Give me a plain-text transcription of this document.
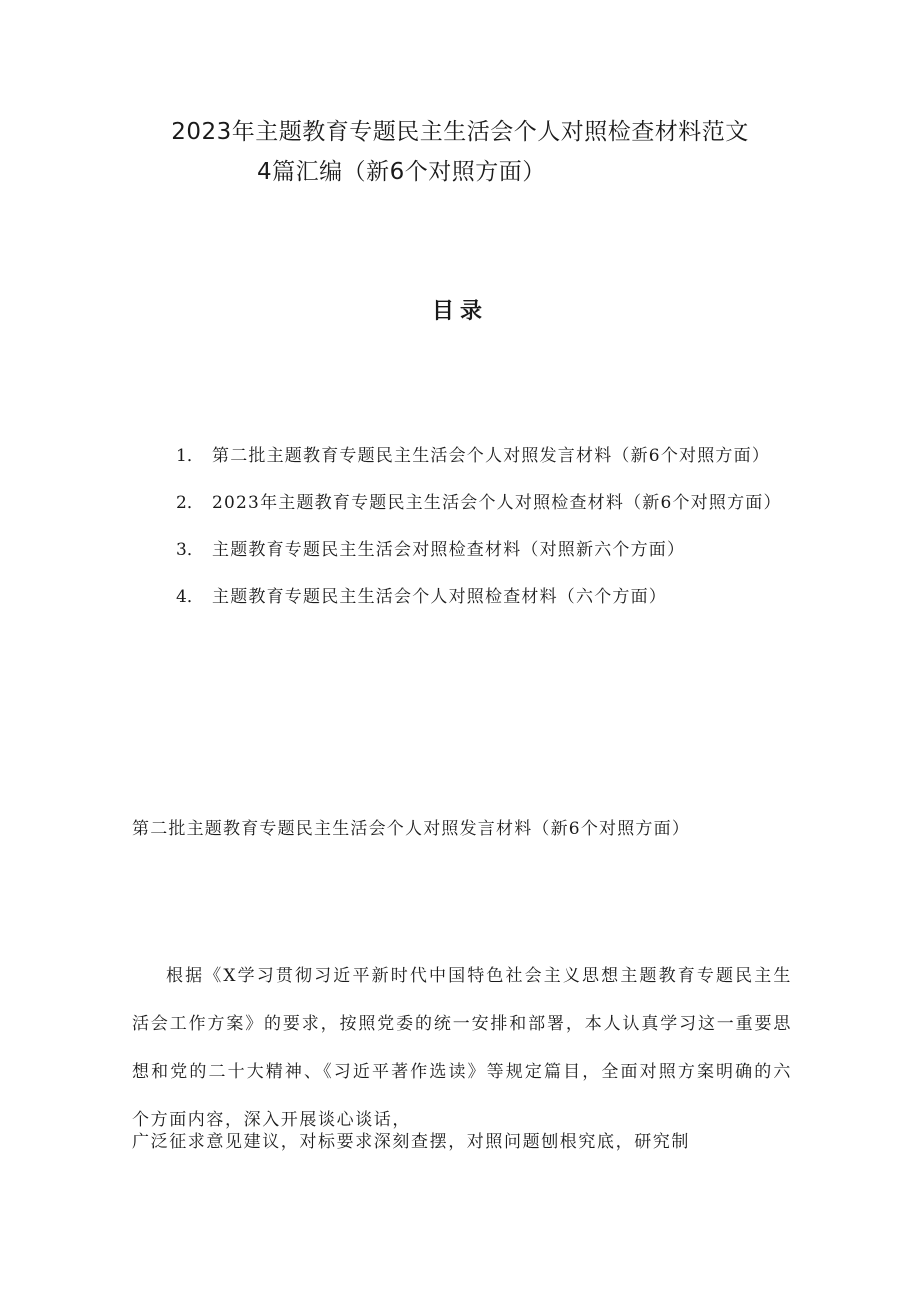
2023年主题教育专题民主生活会个人对照检查材料范文
4篇汇编（新6个对照方面）
目录
1． 第二批主题教育专题民主生活会个人对照发言材料（新6个对照方面）
2． 2023年主题教育专题民主生活会个人对照检查材料（新6个对照方面）
3． 主题教育专题民主生活会对照检查材料（对照新六个方面）
4． 主题教育专题民主生活会个人对照检查材料（六个方面）
第二批主题教育专题民主生活会个人对照发言材料（新6个对照方面）

根据《X学习贯彻习近平新时代中国特色社会主义思想主题教育专题民主生活会工作方案》的要求，按照党委的统一安排和部署，本人认真学习这一重要思想和党的二十大精神、《习近平著作选读》等规定篇目，全面对照方案明确的六个方面内容，深入开展谈心谈话，

广泛征求意见建议，对标要求深刻查摆，对照问题刨根究底，研究制
